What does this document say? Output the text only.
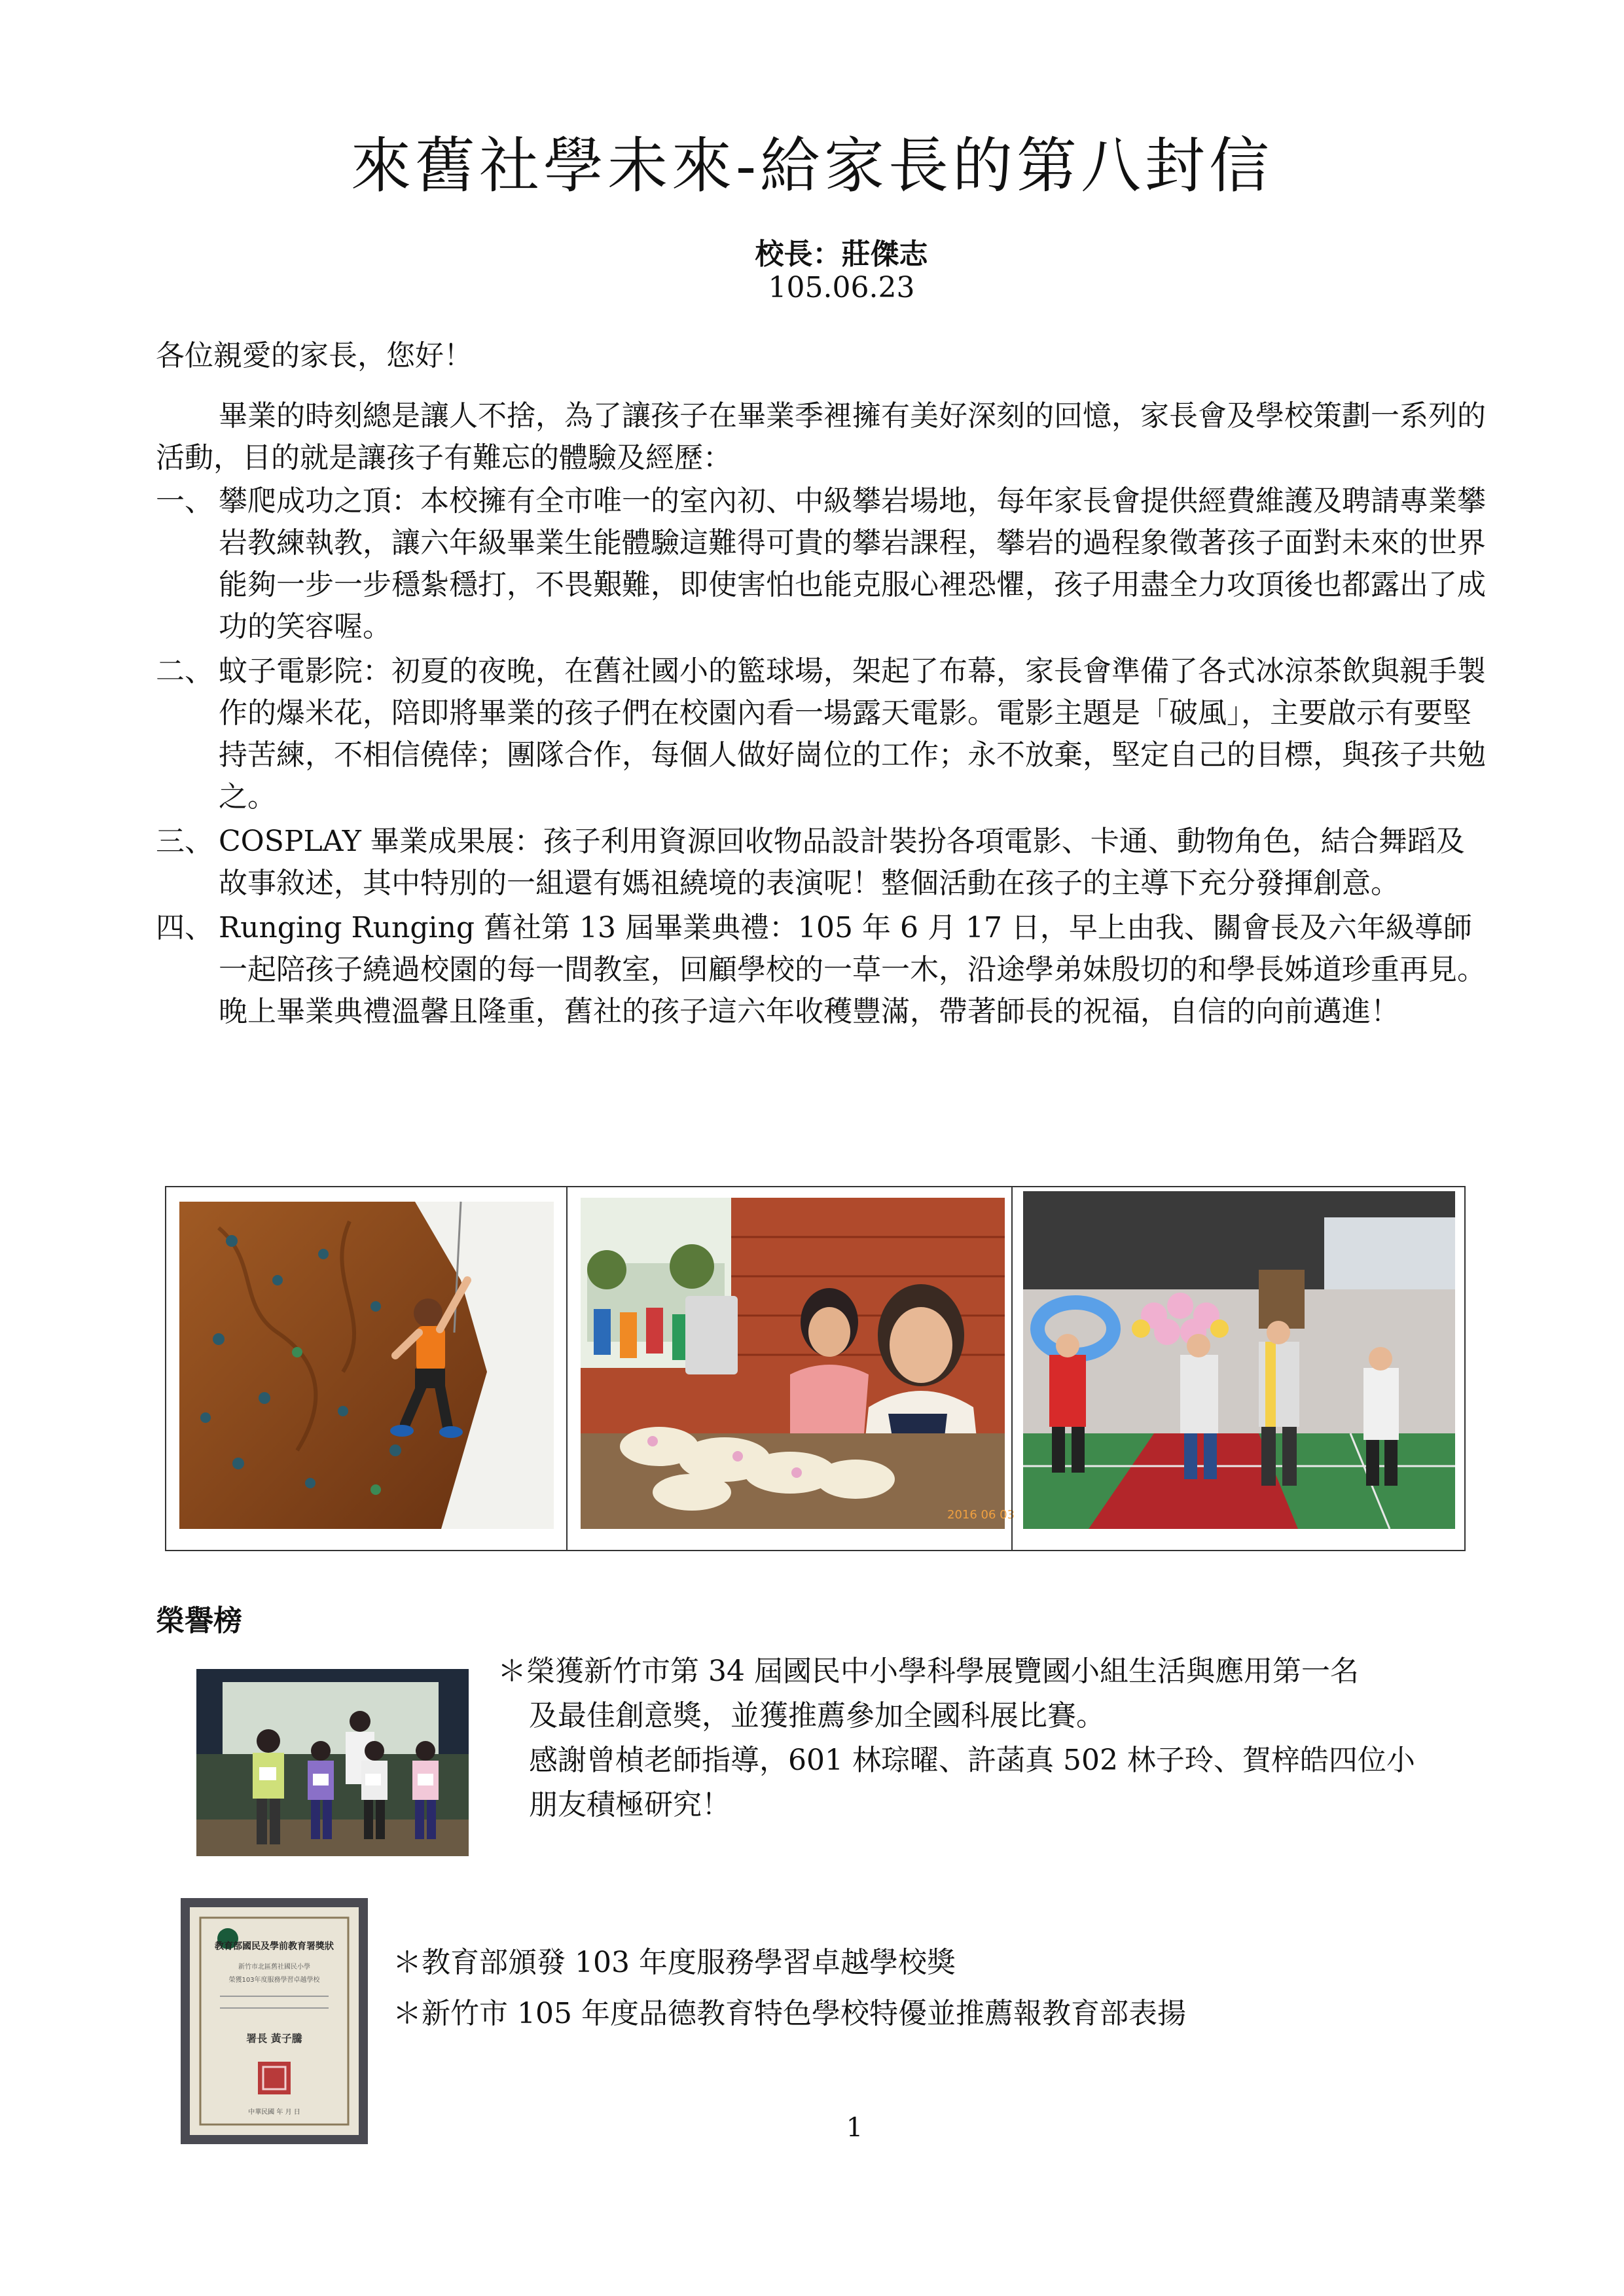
來舊社學未來-給家長的第八封信
校長：莊傑志
105.06.23
各位親愛的家長，您好！

畢業的時刻總是讓人不捨，為了讓孩子在畢業季裡擁有美好深刻的回憶，家長會及學校策劃一系列的活動，目的就是讓孩子有難忘的體驗及經歷：

一、 攀爬成功之頂：本校擁有全市唯一的室內初、中級攀岩場地，每年家長會提供經費維護及聘請專業攀岩教練執教，讓六年級畢業生能體驗這難得可貴的攀岩課程，攀岩的過程象徵著孩子面對未來的世界能夠一步一步穩紮穩打，不畏艱難，即使害怕也能克服心裡恐懼，孩子用盡全力攻頂後也都露出了成功的笑容喔。
二、 蚊子電影院：初夏的夜晚，在舊社國小的籃球場，架起了布幕，家長會準備了各式冰涼茶飲與親手製作的爆米花，陪即將畢業的孩子們在校園內看一場露天電影。電影主題是「破風」，主要啟示有要堅持苦練，不相信僥倖；團隊合作，每個人做好崗位的工作；永不放棄，堅定自己的目標，與孩子共勉之。
三、 COSPLAY 畢業成果展：孩子利用資源回收物品設計裝扮各項電影、卡通、動物角色，結合舞蹈及故事敘述，其中特別的一組還有媽祖繞境的表演呢！整個活動在孩子的主導下充分發揮創意。
四、 Runging Runging 舊社第 13 屆畢業典禮：105 年 6 月 17 日，早上由我、關會長及六年級導師一起陪孩子繞過校園的每一間教室，回顧學校的一草一木，沿途學弟妹殷切的和學長姊道珍重再見。晚上畢業典禮溫馨且隆重，舊社的孩子這六年收穫豐滿，帶著師長的祝福，自信的向前邁進！
2016 06 03
榮譽榜
＊ 榮獲新竹市第 34 屆國民中小學科學展覽國小組生活與應用第一名
及最佳創意獎，並獲推薦參加全國科展比賽。
感謝曾楨老師指導，601 林琮曜、許菡真 502 林子玲、賀梓皓四位小
朋友積極研究！
教育部國民及學前教育署獎狀
新竹市北區舊社國民小學
榮獲103年度服務學習卓越學校
署長 黃子騰
中華民國 年 月 日
＊教育部頒發 103 年度服務學習卓越學校獎
＊新竹市 105 年度品德教育特色學校特優並推薦報教育部表揚
1
